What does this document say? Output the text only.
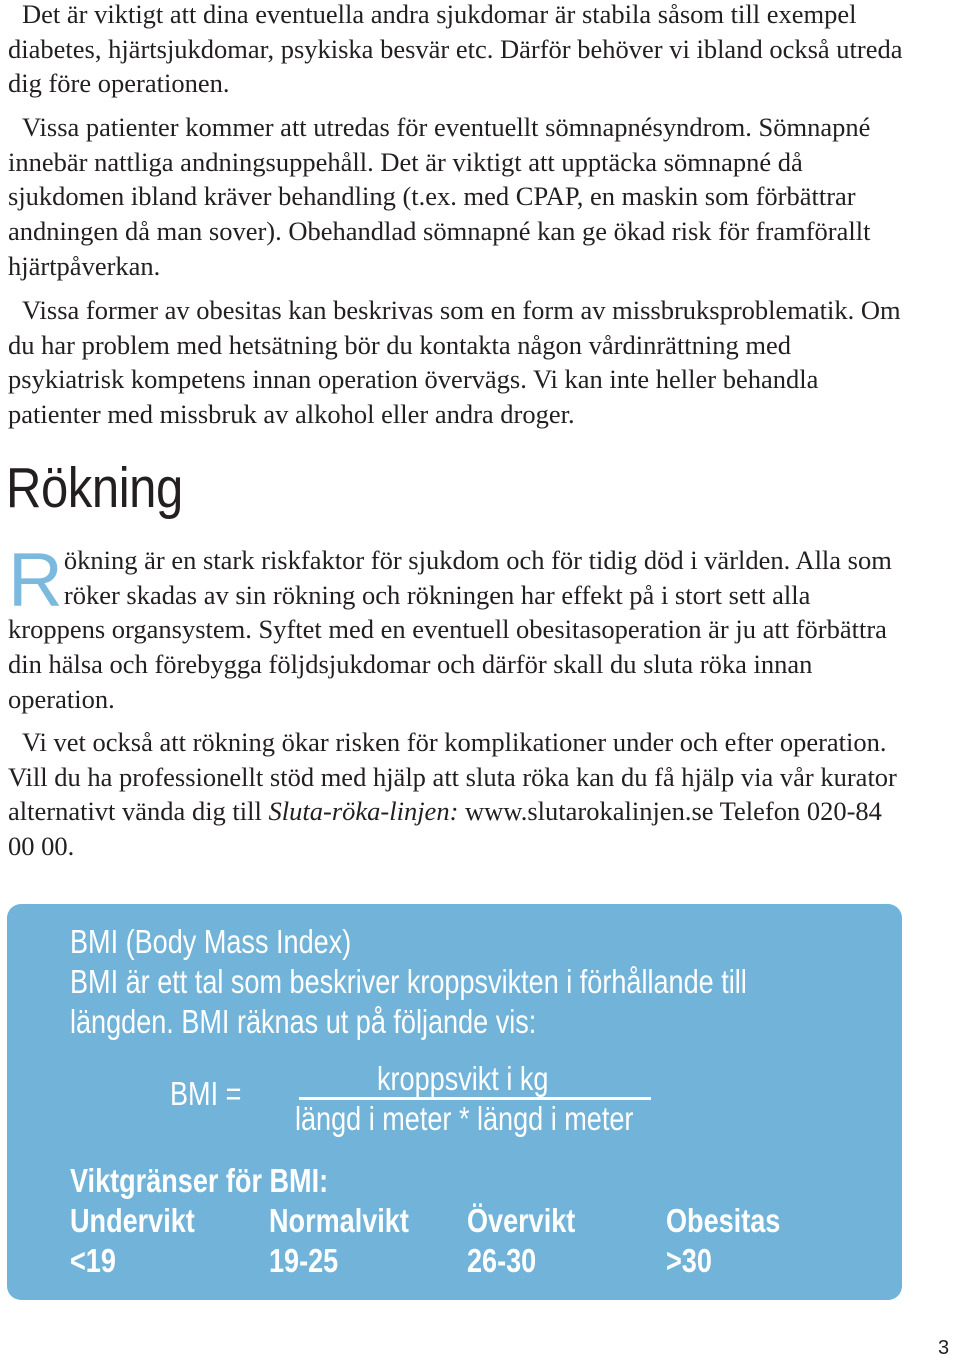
Det är viktigt att dina eventuella andra sjukdomar är stabila såsom till exempel diabetes, hjärtsjukdomar, psykiska besvär etc. Därför behöver vi ibland också utreda dig före operationen.

Vissa patienter kommer att utredas för eventuellt sömnapnésyndrom. Sömnapné innebär nattliga andningsuppehåll. Det är viktigt att upptäcka sömnapné då sjukdomen ibland kräver behandling (t.ex. med CPAP, en maskin som förbättrar andningen då man sover). Obehandlad sömnapné kan ge ökad risk för framförallt hjärtpåverkan.

Vissa former av obesitas kan beskrivas som en form av missbruksproblematik. Om du har problem med hetsätning bör du kontakta någon vårdinrättning med psykiatrisk kompetens innan operation övervägs. Vi kan inte heller behandla patienter med missbruk av alkohol eller andra droger.

Rökning

Rökning är en stark riskfaktor för sjukdom och för tidig död i världen. Alla som röker skadas av sin rökning och rökningen har effekt på i stort sett alla kroppens organsystem. Syftet med en eventuell obesitasoperation är ju att förbättra din hälsa och förebygga följdsjukdomar och därför skall du sluta röka innan operation.

Vi vet också att rökning ökar risken för komplikationer under och efter operation. Vill du ha professionellt stöd med hjälp att sluta röka kan du få hjälp via vår kurator alternativt vända dig till Sluta-röka-linjen: www.slutarokalinjen.se Telefon 020-84 00 00.

BMI (Body Mass Index)
BMI är ett tal som beskriver kroppsvikten i förhållande till
längden. BMI räknas ut på följande vis:
BMI =	kroppsvikt i kg
längd i meter * längd i meter
Viktgränser för BMI:
Undervikt
<19
Normalvikt
19-25
Övervikt
26-30
Obesitas
>30
3
